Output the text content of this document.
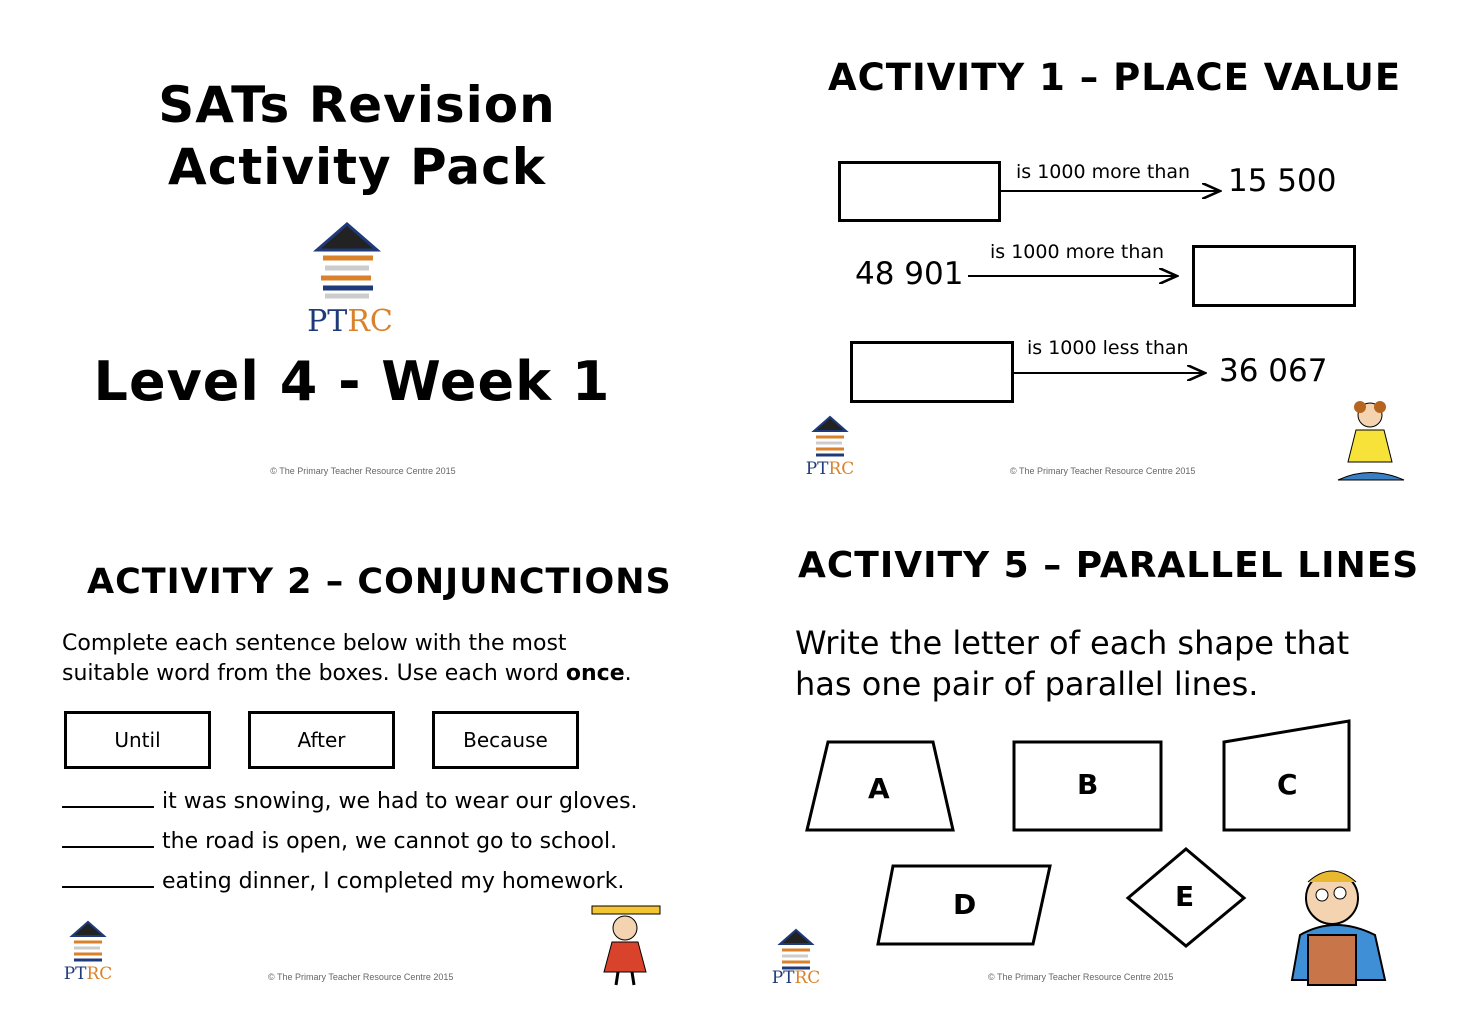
SATs Revision
Activity Pack
PTRC
Level 4 - Week 1
© The Primary Teacher Resource Centre 2015
ACTIVITY 1 – PLACE VALUE
is 1000 more than 15 500
48 901
is 1000 more than
is 1000 less than
36 067
PTRC	© The Primary Teacher Resource Centre 2015
ACTIVITY 2 – CONJUNCTIONS
Complete each sentence below with the most
suitable word from the boxes. Use each word once.
Until	After	Because
it was snowing, we had to wear our gloves.
the road is open, we cannot go to school.
eating dinner, I completed my homework.
PTRC	© The Primary Teacher Resource Centre 2015
ACTIVITY 5 – PARALLEL LINES
Write the letter of each shape that
has one pair of parallel lines.
A	B	C
D	E
PTRC	© The Primary Teacher Resource Centre 2015
